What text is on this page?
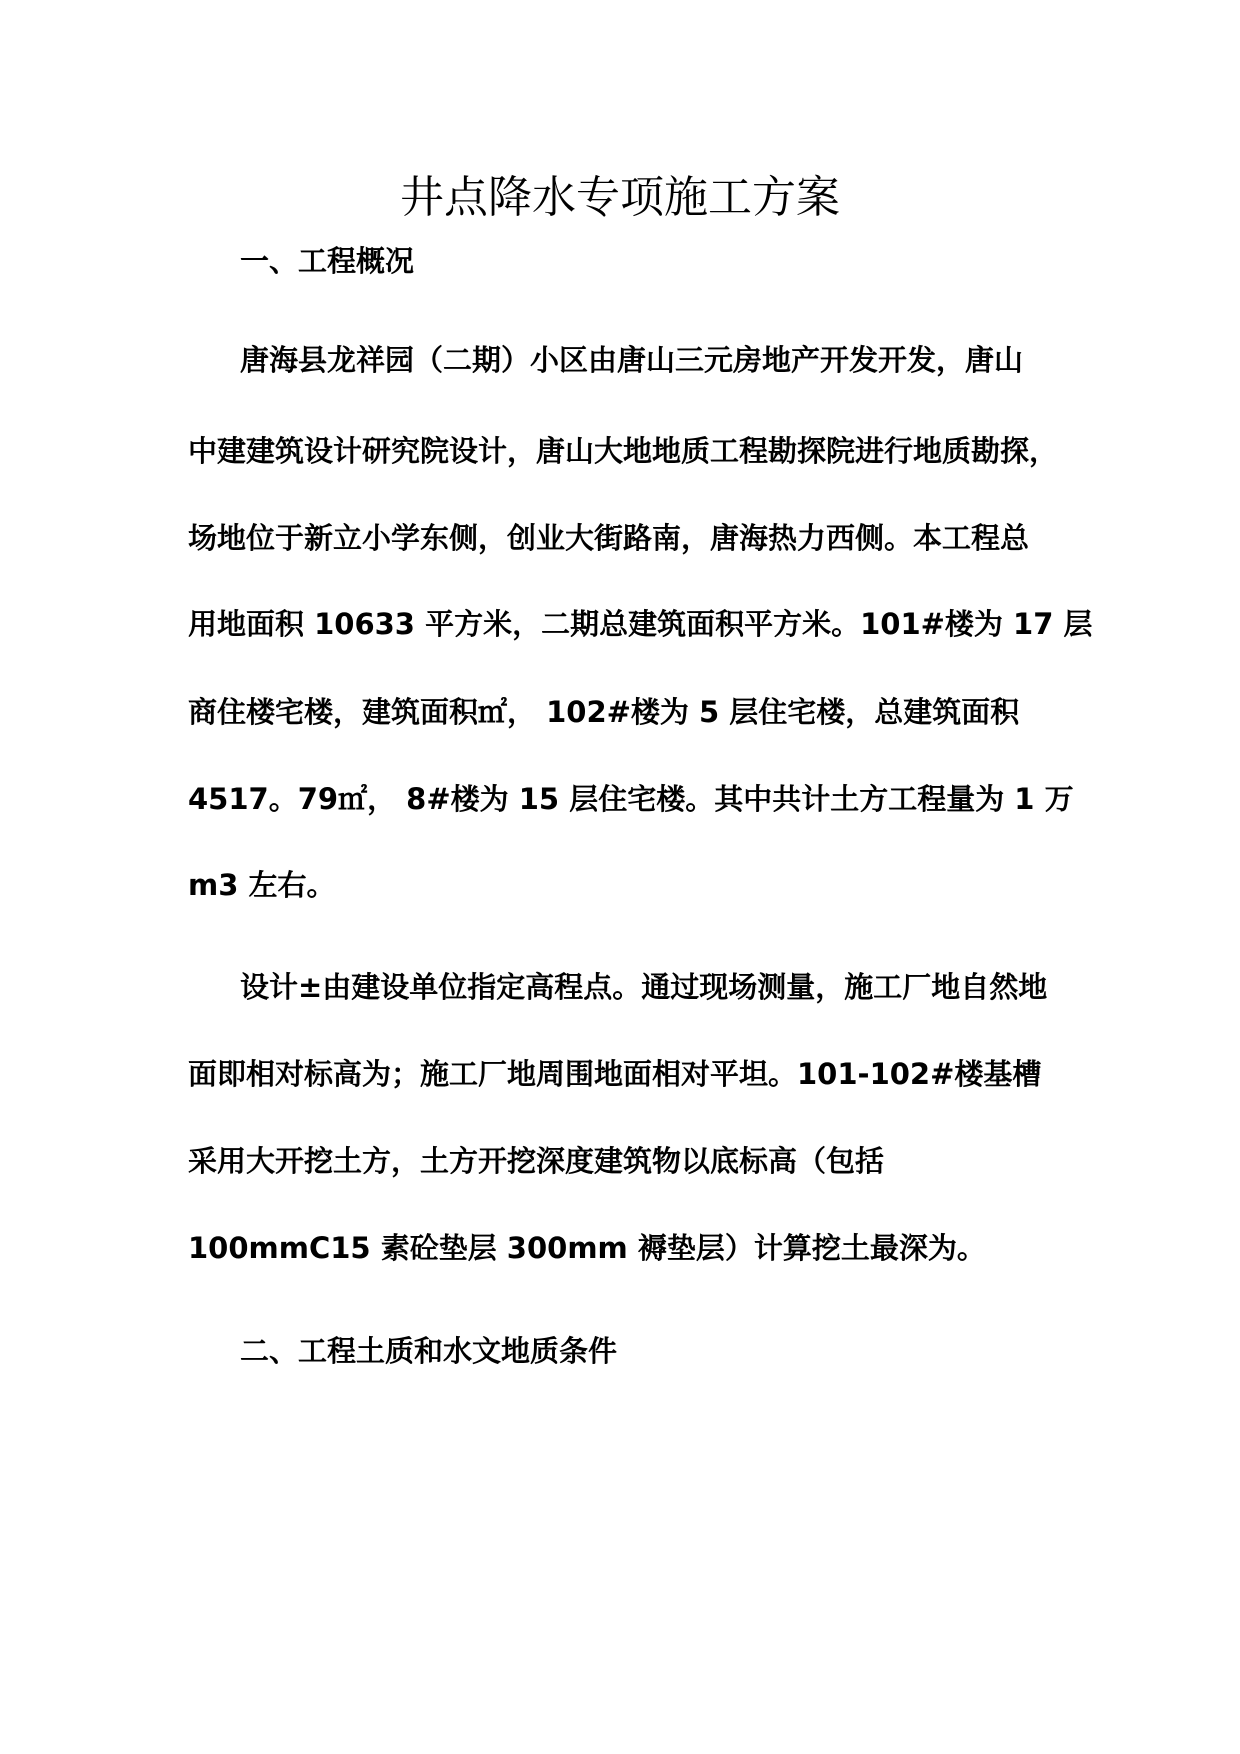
井点降水专项施工方案
一、工程概况

唐海县龙祥园（二期）小区由唐山三元房地产开发开发，唐山

中建建筑设计研究院设计，唐山大地地质工程勘探院进行地质勘探，

场地位于新立小学东侧，创业大街路南，唐海热力西侧。本工程总

用地面积 10633 平方米，二期总建筑面积平方米。101#楼为 17 层

商住楼宅楼，建筑面积㎡， 102#楼为 5 层住宅楼，总建筑面积

4517。79㎡， 8#楼为 15 层住宅楼。其中共计土方工程量为 1 万

m3 左右。

设计±由建设单位指定高程点。通过现场测量，施工厂地自然地

面即相对标高为；施工厂地周围地面相对平坦。101-102#楼基槽

采用大开挖土方，土方开挖深度建筑物以底标高（包括

100mmC15 素砼垫层 300mm 褥垫层）计算挖土最深为。

二、工程土质和水文地质条件
